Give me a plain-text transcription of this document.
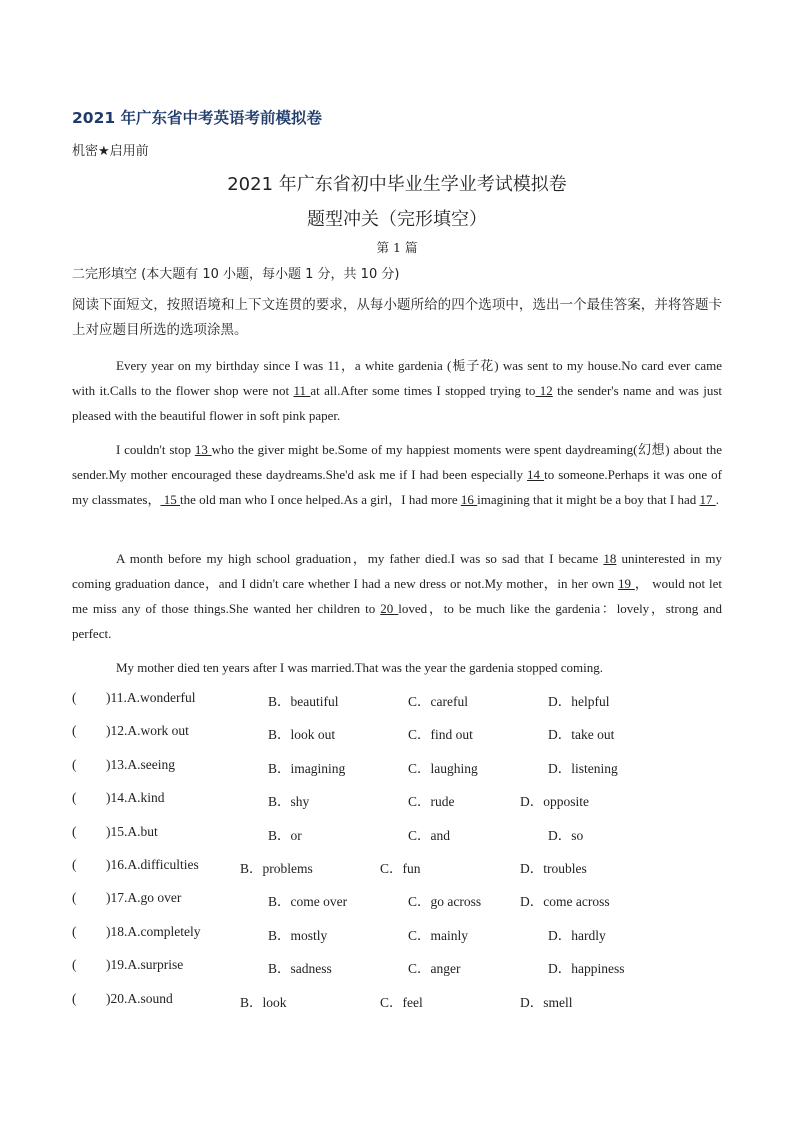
2021 年广东省中考英语考前模拟卷
机密★启用前
2021 年广东省初中毕业生学业考试模拟卷
题型冲关（完形填空）
第 1 篇
二完形填空 (本大题有 10 小题，每小题 1 分，共 10 分)
阅读下面短文，按照语境和上下文连贯的要求，从每小题所给的四个选项中，选出一个最佳答案，并将答题卡上对应题目所选的选项涂黑。
Every year on my birthday since I was 11，a white gardenia (栀子花) was sent to my house.No card ever came with it.Calls to the flower shop were not 11 at all.After some times I stopped trying to 12 the sender's name and was just pleased with the beautiful flower in soft pink paper.
I couldn't stop 13 who the giver might be.Some of my happiest moments were spent daydreaming(幻想) about the sender.My mother encouraged these daydreams.She'd ask me if I had been especially 14 to someone.Perhaps it was one of my classmates， 15 the old man who I once helped.As a girl，I had more 16 imagining that it might be a boy that I had 17 .
A month before my high school graduation，my father died.I was so sad that I became 18 uninterested in my coming graduation dance，and I didn't care whether I had a new dress or not.My mother，in her own 19 ， would not let me miss any of those things.She wanted her children to 20 loved，to be much like the gardenia：lovely，strong and perfect.
My mother died ten years after I was married.That was the year the gardenia stopped coming.
( )11.A.wonderful	B．beautiful	C．careful	D．helpful
( )12.A.work out	B．look out	C．find out	D．take out
( )13.A.seeing	B．imagining	C．laughing	D．listening
( )14.A.kind	B．shy	C．rude	D．opposite
( )15.A.but	B．or	C．and	D．so
( )16.A.difficulties	B．problems	C．fun	D．troubles
( )17.A.go over	B．come over	C．go across	D．come across
( )18.A.completely	B．mostly	C．mainly	D．hardly
( )19.A.surprise	B．sadness	C．anger	D．happiness
( )20.A.sound	B．look	C．feel	D．smell
